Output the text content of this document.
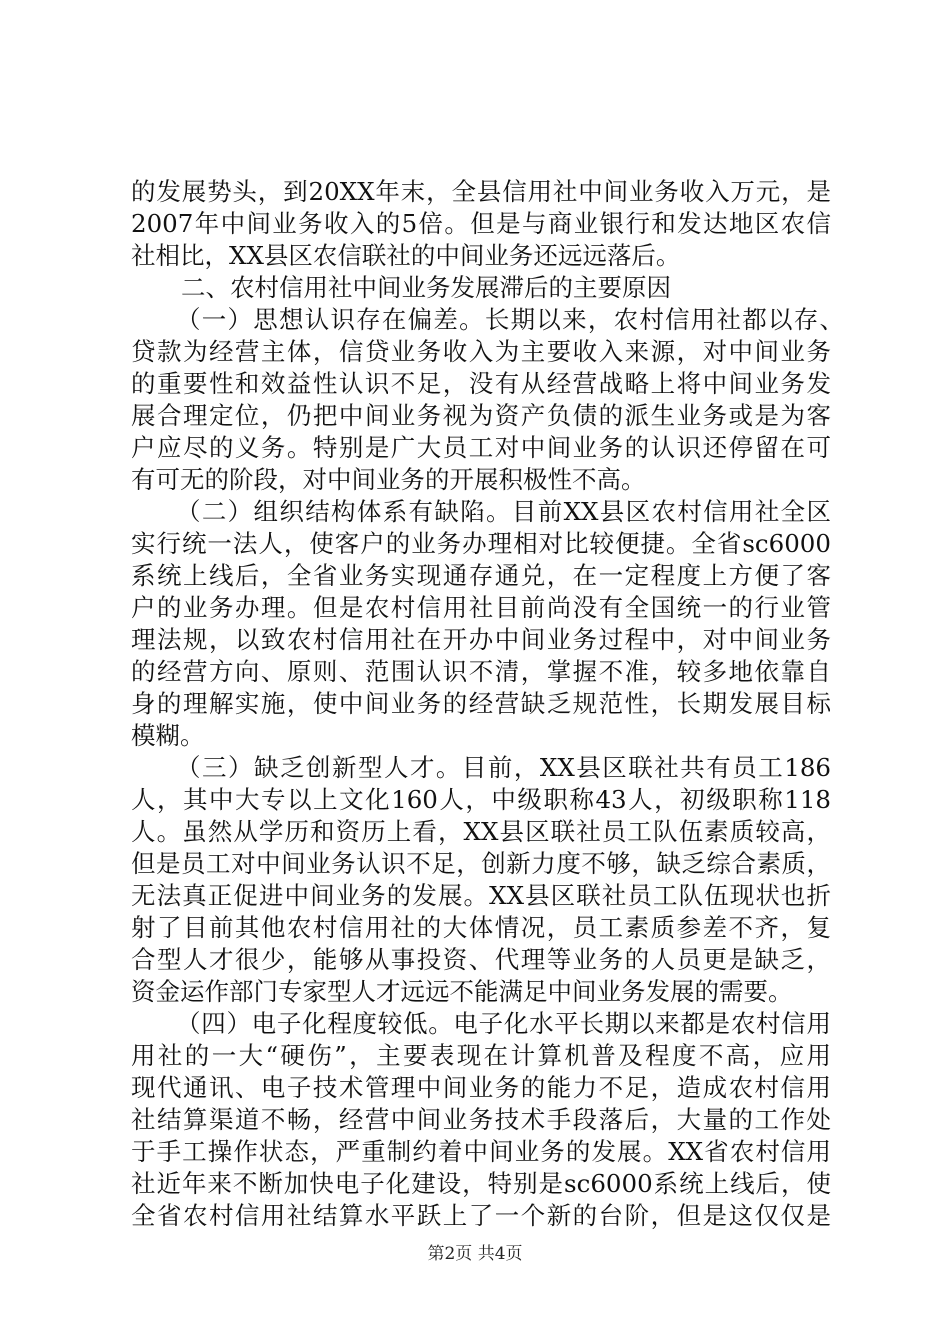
的发展势头，到20XX年末，全县信用社中间业务收入万元，是
2007年中间业务收入的5倍。但是与商业银行和发达地区农信
社相比，XX县区农信联社的中间业务还远远落后。
二、农村信用社中间业务发展滞后的主要原因
（一）思想认识存在偏差。长期以来，农村信用社都以存、
贷款为经营主体，信贷业务收入为主要收入来源，对中间业务
的重要性和效益性认识不足，没有从经营战略上将中间业务发
展合理定位，仍把中间业务视为资产负债的派生业务或是为客
户应尽的义务。特别是广大员工对中间业务的认识还停留在可
有可无的阶段，对中间业务的开展积极性不高。
（二）组织结构体系有缺陷。目前XX县区农村信用社全区
实行统一法人，使客户的业务办理相对比较便捷。全省sc6000
系统上线后，全省业务实现通存通兑，在一定程度上方便了客
户的业务办理。但是农村信用社目前尚没有全国统一的行业管
理法规，以致农村信用社在开办中间业务过程中，对中间业务
的经营方向、原则、范围认识不清，掌握不准，较多地依靠自
身的理解实施，使中间业务的经营缺乏规范性，长期发展目标
模糊。
（三）缺乏创新型人才。目前，XX县区联社共有员工186
人，其中大专以上文化160人，中级职称43人，初级职称118
人。虽然从学历和资历上看，XX县区联社员工队伍素质较高，
但是员工对中间业务认识不足，创新力度不够，缺乏综合素质，
无法真正促进中间业务的发展。XX县区联社员工队伍现状也折
射了目前其他农村信用社的大体情况，员工素质参差不齐，复
合型人才很少，能够从事投资、代理等业务的人员更是缺乏，
资金运作部门专家型人才远远不能满足中间业务发展的需要。
（四）电子化程度较低。电子化水平长期以来都是农村信用
用社的一大“硬伤”，主要表现在计算机普及程度不高，应用
现代通讯、电子技术管理中间业务的能力不足，造成农村信用
社结算渠道不畅，经营中间业务技术手段落后，大量的工作处
于手工操作状态，严重制约着中间业务的发展。XX省农村信用
社近年来不断加快电子化建设，特别是sc6000系统上线后，使
全省农村信用社结算水平跃上了一个新的台阶，但是这仅仅是
第2页 共4页
